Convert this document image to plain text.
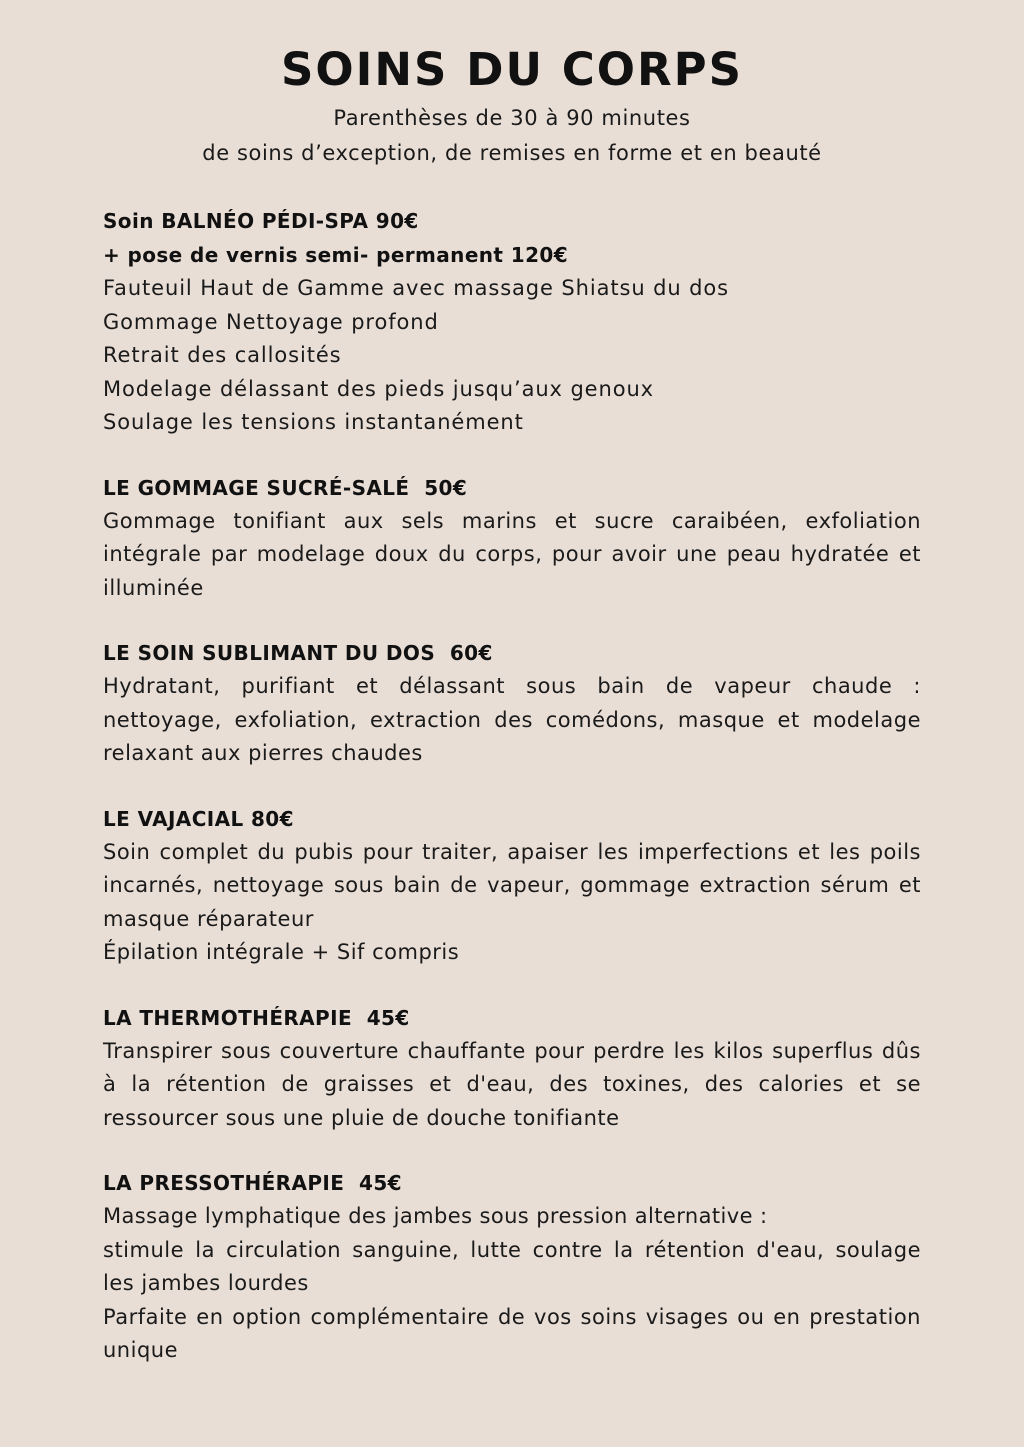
SOINS DU CORPS

Parenthèses de 30 à 90 minutes

de soins d’exception, de remises en forme et en beauté

Soin BALNÉO PÉDI-SPA 90€

+ pose de vernis semi- permanent 120€

Fauteuil Haut de Gamme avec massage Shiatsu du dos

Gommage Nettoyage profond

Retrait des callosités

Modelage délassant des pieds jusqu’aux genoux

Soulage les tensions instantanément

LE GOMMAGE SUCRÉ-SALÉ  50€

Gommage tonifiant aux sels marins et sucre caraibéen, exfoliation intégrale par modelage doux du corps, pour avoir une peau hydratée et illuminée

LE SOIN SUBLIMANT DU DOS  60€

Hydratant, purifiant et délassant sous bain de vapeur chaude : nettoyage, exfoliation, extraction des comédons, masque et modelage relaxant aux pierres chaudes

LE VAJACIAL 80€

Soin complet du pubis pour traiter, apaiser les imperfections et les poils incarnés, nettoyage sous bain de vapeur, gommage extraction sérum et masque réparateur

Épilation intégrale + Sif compris

LA THERMOTHÉRAPIE  45€

Transpirer sous couverture chauffante pour perdre les kilos superflus dûs à la rétention de graisses et d'eau, des toxines, des calories et se ressourcer sous une pluie de douche tonifiante

LA PRESSOTHÉRAPIE  45€

Massage lymphatique des jambes sous pression alternative :

stimule la circulation sanguine, lutte contre la rétention d'eau, soulage les jambes lourdes

Parfaite en option complémentaire de vos soins visages ou en prestation unique
